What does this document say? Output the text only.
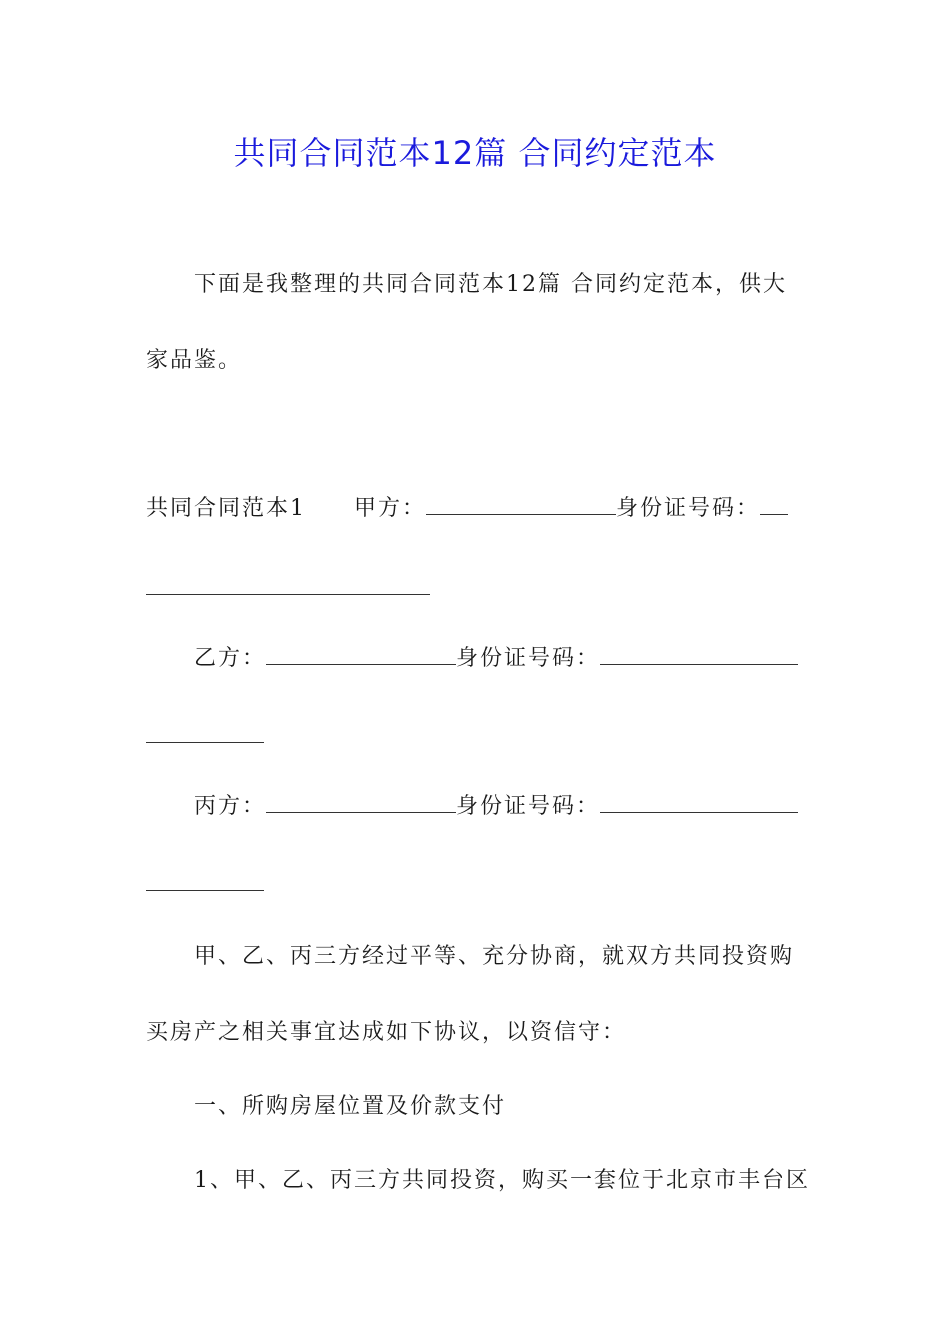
共同合同范本12篇 合同约定范本
下面是我整理的共同合同范本12篇 合同约定范本，供大
家品鉴。
共同合同范本1 甲方：	身份证号码：
乙方：	身份证号码：
丙方：	身份证号码：
甲、乙、丙三方经过平等、充分协商，就双方共同投资购
买房产之相关事宜达成如下协议，以资信守：
一、所购房屋位置及价款支付
1、甲、乙、丙三方共同投资，购买一套位于北京市丰台区
